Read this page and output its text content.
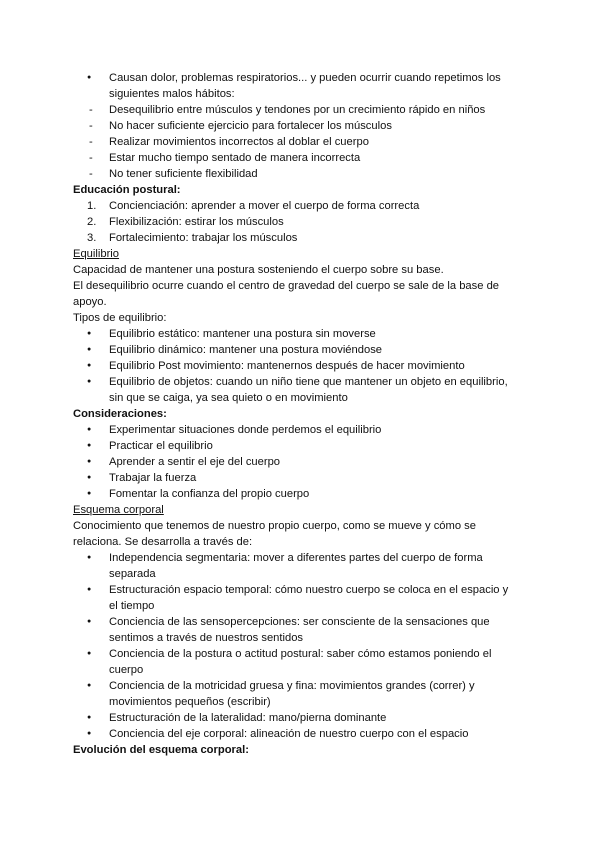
● Causan dolor, problemas respiratorios... y pueden ocurrir cuando repetimos los siguientes malos hábitos:
- Desequilibrio entre músculos y tendones por un crecimiento rápido en niños
- No hacer suficiente ejercicio para fortalecer los músculos
- Realizar movimientos incorrectos al doblar el cuerpo
- Estar mucho tiempo sentado de manera incorrecta
- No tener suficiente flexibilidad

Educación postural:

1. Concienciación: aprender a mover el cuerpo de forma correcta
2. Flexibilización: estirar los músculos
3. Fortalecimiento: trabajar los músculos

Equilibrio

Capacidad de mantener una postura sosteniendo el cuerpo sobre su base.

El desequilibrio ocurre cuando el centro de gravedad del cuerpo se sale de la base de apoyo.

Tipos de equilibrio:

● Equilibrio estático: mantener una postura sin moverse
● Equilibrio dinámico: mantener una postura moviéndose
● Equilibrio Post movimiento: mantenernos después de hacer movimiento
● Equilibrio de objetos: cuando un niño tiene que mantener un objeto en equilibrio, sin que se caiga, ya sea quieto o en movimiento

Consideraciones:

● Experimentar situaciones donde perdemos el equilibrio
● Practicar el equilibrio
● Aprender a sentir el eje del cuerpo
● Trabajar la fuerza
● Fomentar la confianza del propio cuerpo

Esquema corporal

Conocimiento que tenemos de nuestro propio cuerpo, como se mueve y cómo se relaciona. Se desarrolla a través de:

● Independencia segmentaria: mover a diferentes partes del cuerpo de forma separada
● Estructuración espacio temporal: cómo nuestro cuerpo se coloca en el espacio y el tiempo
● Conciencia de las sensopercepciones: ser consciente de la sensaciones que sentimos a través de nuestros sentidos
● Conciencia de la postura o actitud postural: saber cómo estamos poniendo el cuerpo
● Conciencia de la motricidad gruesa y fina: movimientos grandes (correr) y movimientos pequeños (escribir)
● Estructuración de la lateralidad: mano/pierna dominante
● Conciencia del eje corporal: alineación de nuestro cuerpo con el espacio

Evolución del esquema corporal:
